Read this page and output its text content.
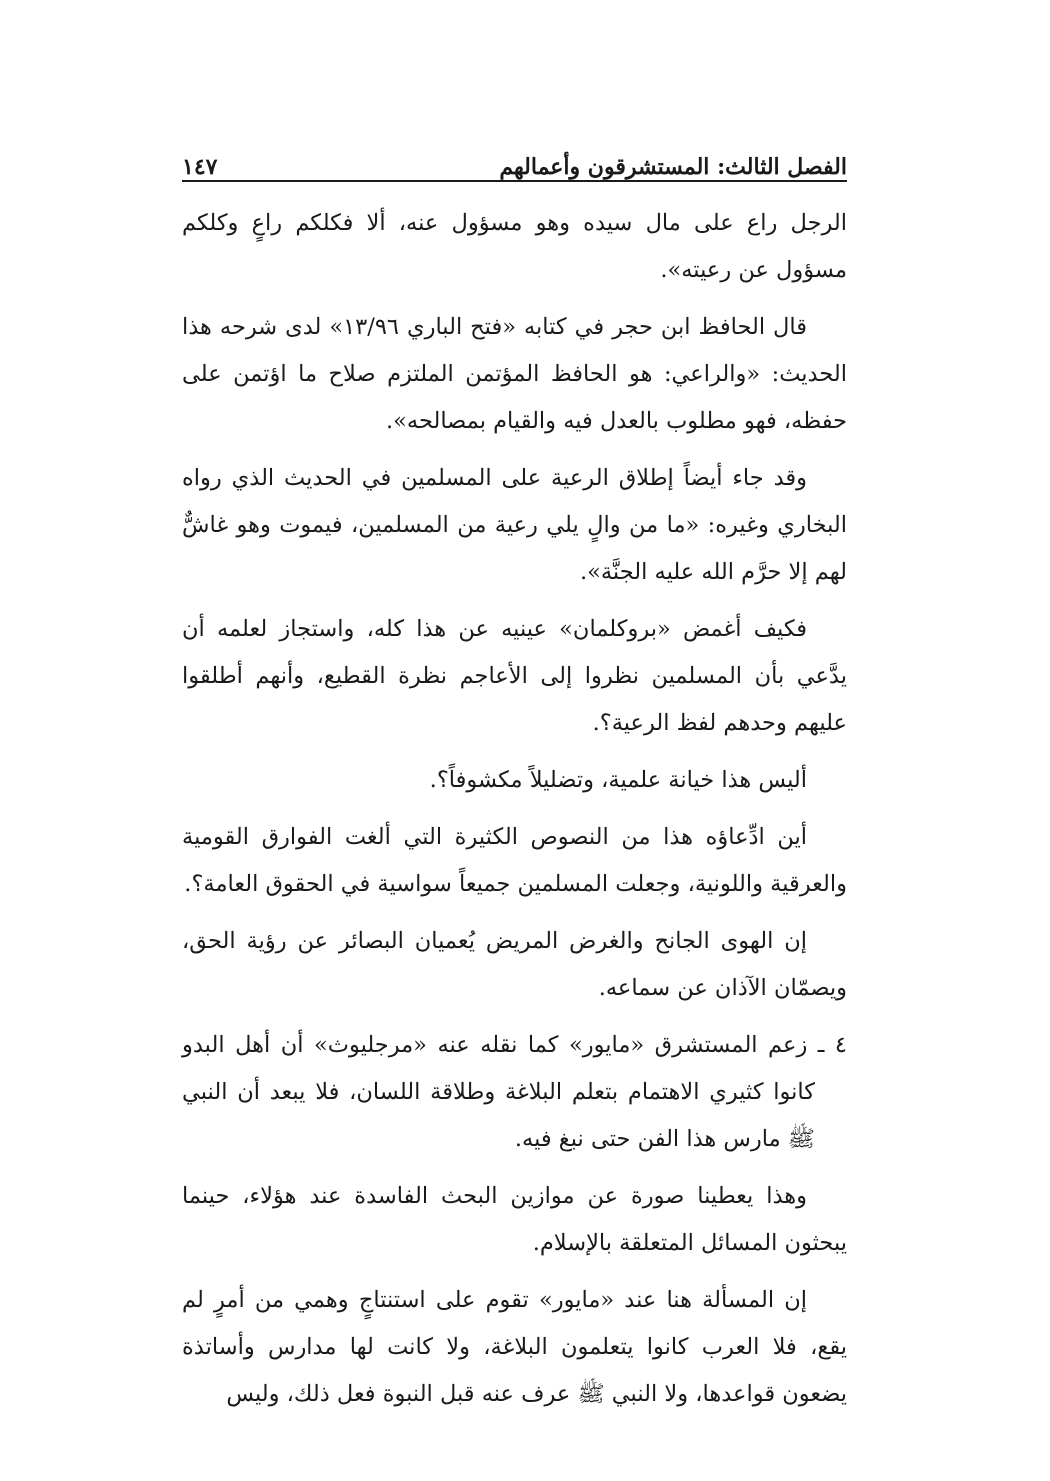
الفصل الثالث: المستشرقون وأعمالهم
١٤٧

الرجل راع على مال سيده وهو مسؤول عنه، ألا فكلكم راعٍ وكلكم مسؤول عن رعيته».

قال الحافظ ابن حجر في كتابه «فتح الباري ١٣/٩٦» لدى شرحه هذا الحديث: «والراعي: هو الحافظ المؤتمن الملتزم صلاح ما اؤتمن على حفظه، فهو مطلوب بالعدل فيه والقيام بمصالحه».

وقد جاء أيضاً إطلاق الرعية على المسلمين في الحديث الذي رواه البخاري وغيره: «ما من والٍ يلي رعية من المسلمين، فيموت وهو غاشٌّ لهم إلا حرَّم الله عليه الجنَّة».

فكيف أغمض «بروكلمان» عينيه عن هذا كله، واستجاز لعلمه أن يدَّعي بأن المسلمين نظروا إلى الأعاجم نظرة القطيع، وأنهم أطلقوا عليهم وحدهم لفظ الرعية؟.

أليس هذا خيانة علمية، وتضليلاً مكشوفاً؟.

أين ادِّعاؤه هذا من النصوص الكثيرة التي ألغت الفوارق القومية والعرقية واللونية، وجعلت المسلمين جميعاً سواسية في الحقوق العامة؟.

إن الهوى الجانح والغرض المريض يُعميان البصائر عن رؤية الحق، ويصمّان الآذان عن سماعه.

٤ ـ زعم المستشرق «مايور» كما نقله عنه «مرجليوث» أن أهل البدو كانوا كثيري الاهتمام بتعلم البلاغة وطلاقة اللسان، فلا يبعد أن النبي ﷺ مارس هذا الفن حتى نبغ فيه.

وهذا يعطينا صورة عن موازين البحث الفاسدة عند هؤلاء، حينما يبحثون المسائل المتعلقة بالإسلام.

إن المسألة هنا عند «مايور» تقوم على استنتاجٍ وهمي من أمرٍ لم يقع، فلا العرب كانوا يتعلمون البلاغة، ولا كانت لها مدارس وأساتذة يضعون قواعدها، ولا النبي ﷺ عرف عنه قبل النبوة فعل ذلك، وليس
